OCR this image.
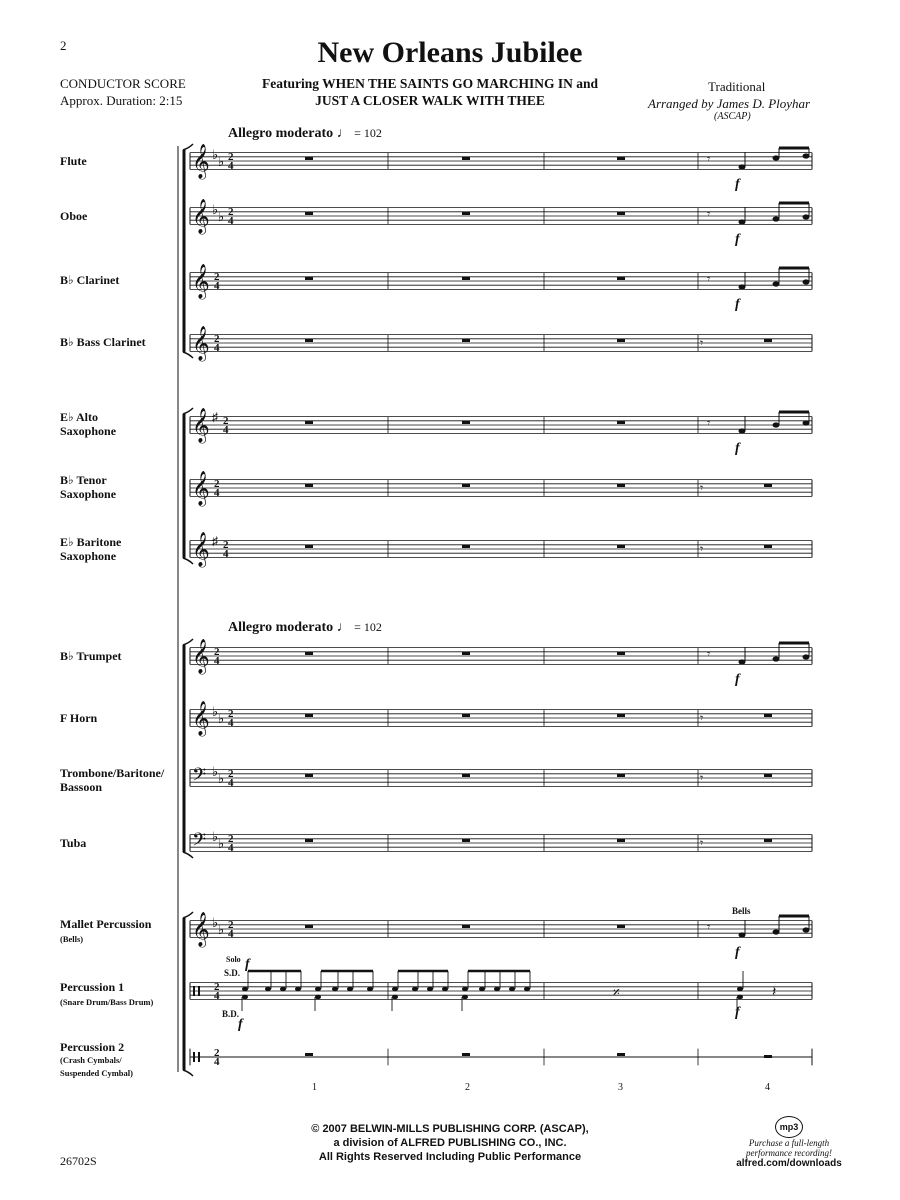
2
CONDUCTOR SCORE
Approx. Duration: 2:15
New Orleans Jubilee
Featuring WHEN THE SAINTS GO MARCHING IN and
JUST A CLOSER WALK WITH THEE
Traditional
Arranged by James D. Ployhar
(ASCAP)
Allegro moderato ♩ = 102
Allegro moderato ♩ = 102
Flute
Oboe
B♭ Clarinet
B♭ Bass Clarinet
E♭ Alto
Saxophone
B♭ Tenor
Saxophone
E♭ Baritone
Saxophone
B♭ Trumpet
F Horn
Trombone/Baritone/
Bassoon
Tuba
Mallet Percussion
(Bells)
Percussion 1
(Snare Drum/Bass Drum)
Percussion 2
(Crash Cymbals/
Suspended Cymbal)
𝄞 ♭ ♭ 2
4
𝄞 ♭ ♭ 2
4
𝄞 2
4
𝄞 2
4
𝄞 ♯ 2
4
𝄞 2
4
𝄞 ♯ 2
4
𝄞 2
4
𝄞 ♭ ♭ 2
4
𝄢 ♭ ♭ 2
4
𝄢 ♭ ♭ 2
4
𝄞 ♭ ♭ 2
4
2
4
2
4
𝄾
f
𝄾
f
𝄾
f
𝄾
f
𝄾
f
𝄾
f
𝄾
𝄾
𝄾
𝄾
𝄾
𝄾
𝄎	𝄽
f
Bells
Solo
S.D.
B.D.
f
f
1	2	3	4
© 2007 BELWIN-MILLS PUBLISHING CORP. (ASCAP),
a division of ALFRED PUBLISHING CO., INC.
All Rights Reserved Including Public Performance
26702S
mp3
Purchase a full-length
performance recording!
alfred.com/downloads
